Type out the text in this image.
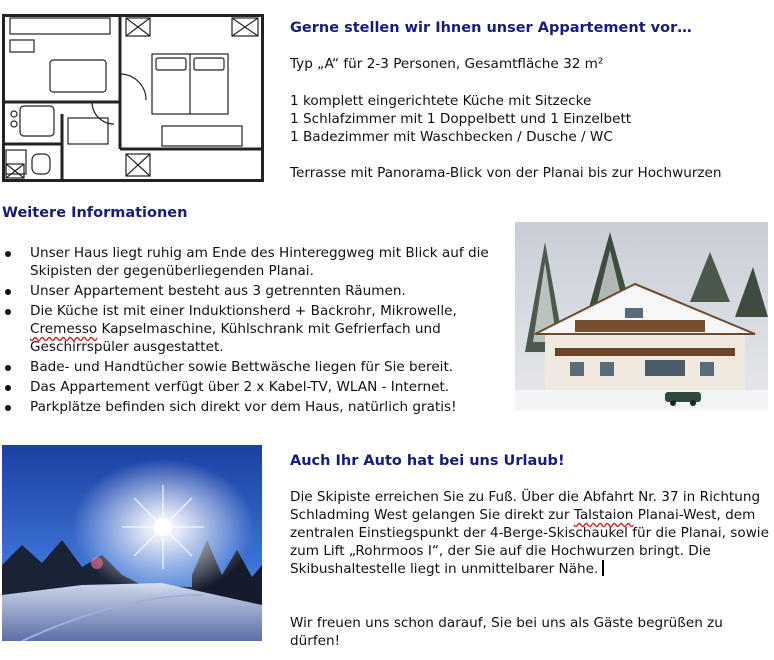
Gerne stellen wir Ihnen unser Appartement vor…
Typ „A“ für 2-3 Personen, Gesamtfläche 32 m²
1 komplett eingerichtete Küche mit Sitzecke
1 Schlafzimmer mit 1 Doppelbett und 1 Einzelbett
1 Badezimmer mit Waschbecken / Dusche / WC
Terrasse mit Panorama-Blick von der Planai bis zur Hochwurzen
Weitere Informationen
Unser Haus liegt ruhig am Ende des Hintereggweg mit Blick auf die Skipisten der gegenüberliegenden Planai.
Unser Appartement besteht aus 3 getrennten Räumen.
Die Küche ist mit einer Induktionsherd + Backrohr, Mikrowelle,
Cremesso Kapselmaschine, Kühlschrank mit Gefrierfach und
Geschirrspüler ausgestattet.
Bade- und Handtücher sowie Bettwäsche liegen für Sie bereit.
Das Appartement verfügt über 2 x Kabel-TV, WLAN - Internet.
Parkplätze befinden sich direkt vor dem Haus, natürlich gratis!
Auch Ihr Auto hat bei uns Urlaub!
Die Skipiste erreichen Sie zu Fuß. Über die Abfahrt Nr. 37 in Richtung
Schladming West gelangen Sie direkt zur Talstaion Planai-West, dem
zentralen Einstiegspunkt der 4-Berge-Skischaukel für die Planai, sowie
zum Lift „Rohrmoos I“, der Sie auf die Hochwurzen bringt. Die
Skibushaltestelle liegt in unmittelbarer Nähe.
Wir freuen uns schon darauf, Sie bei uns als Gäste begrüßen zu dürfen!
